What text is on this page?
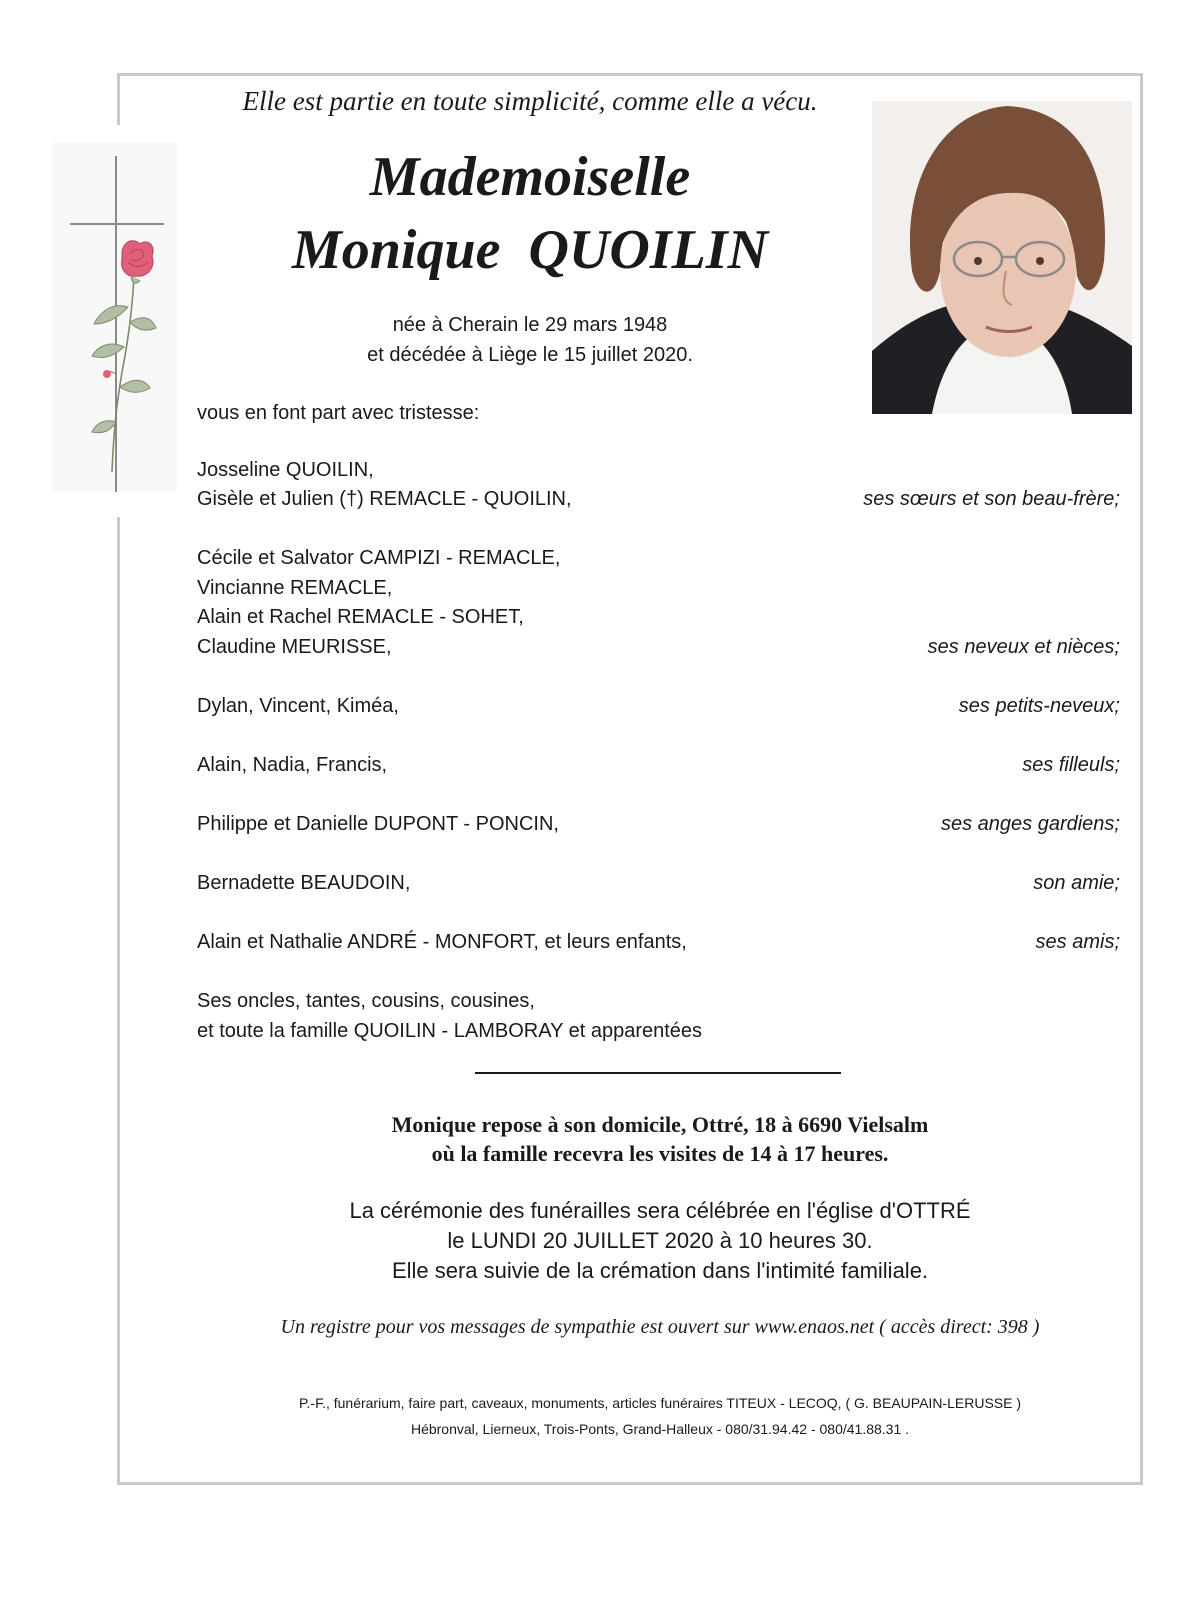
Elle est partie en toute simplicité, comme elle a vécu.
Mademoiselle
Monique  QUOILIN
née à Cherain le 29 mars 1948
et décédée à Liège le 15 juillet 2020.
vous en font part avec tristesse:
Josseline QUOILIN,
Gisèle et Julien (†) REMACLE - QUOILIN,	ses sœurs et son beau-frère;
Cécile et Salvator CAMPIZI - REMACLE,
Vincianne REMACLE,
Alain et Rachel REMACLE - SOHET,
Claudine MEURISSE,	ses neveux et nièces;
Dylan, Vincent, Kiméa,	ses petits-neveux;
Alain, Nadia, Francis,	ses filleuls;
Philippe et Danielle DUPONT - PONCIN,	ses anges gardiens;
Bernadette BEAUDOIN,	son amie;
Alain et Nathalie ANDRÉ - MONFORT, et leurs enfants,	ses amis;
Ses oncles, tantes, cousins, cousines,
et toute la famille QUOILIN - LAMBORAY et apparentées
Monique repose à son domicile, Ottré, 18 à 6690 Vielsalm
où la famille recevra les visites de 14 à 17 heures.
La cérémonie des funérailles sera célébrée en l'église d'OTTRÉ
le LUNDI 20 JUILLET 2020 à 10 heures 30.
Elle sera suivie de la crémation dans l'intimité familiale.
Un registre pour vos messages de sympathie est ouvert sur www.enaos.net ( accès direct: 398 )
P.-F., funérarium, faire part, caveaux, monuments, articles funéraires TITEUX - LECOQ, ( G. BEAUPAIN-LERUSSE )
Hébronval, Lierneux, Trois-Ponts, Grand-Halleux - 080/31.94.42 - 080/41.88.31 .
